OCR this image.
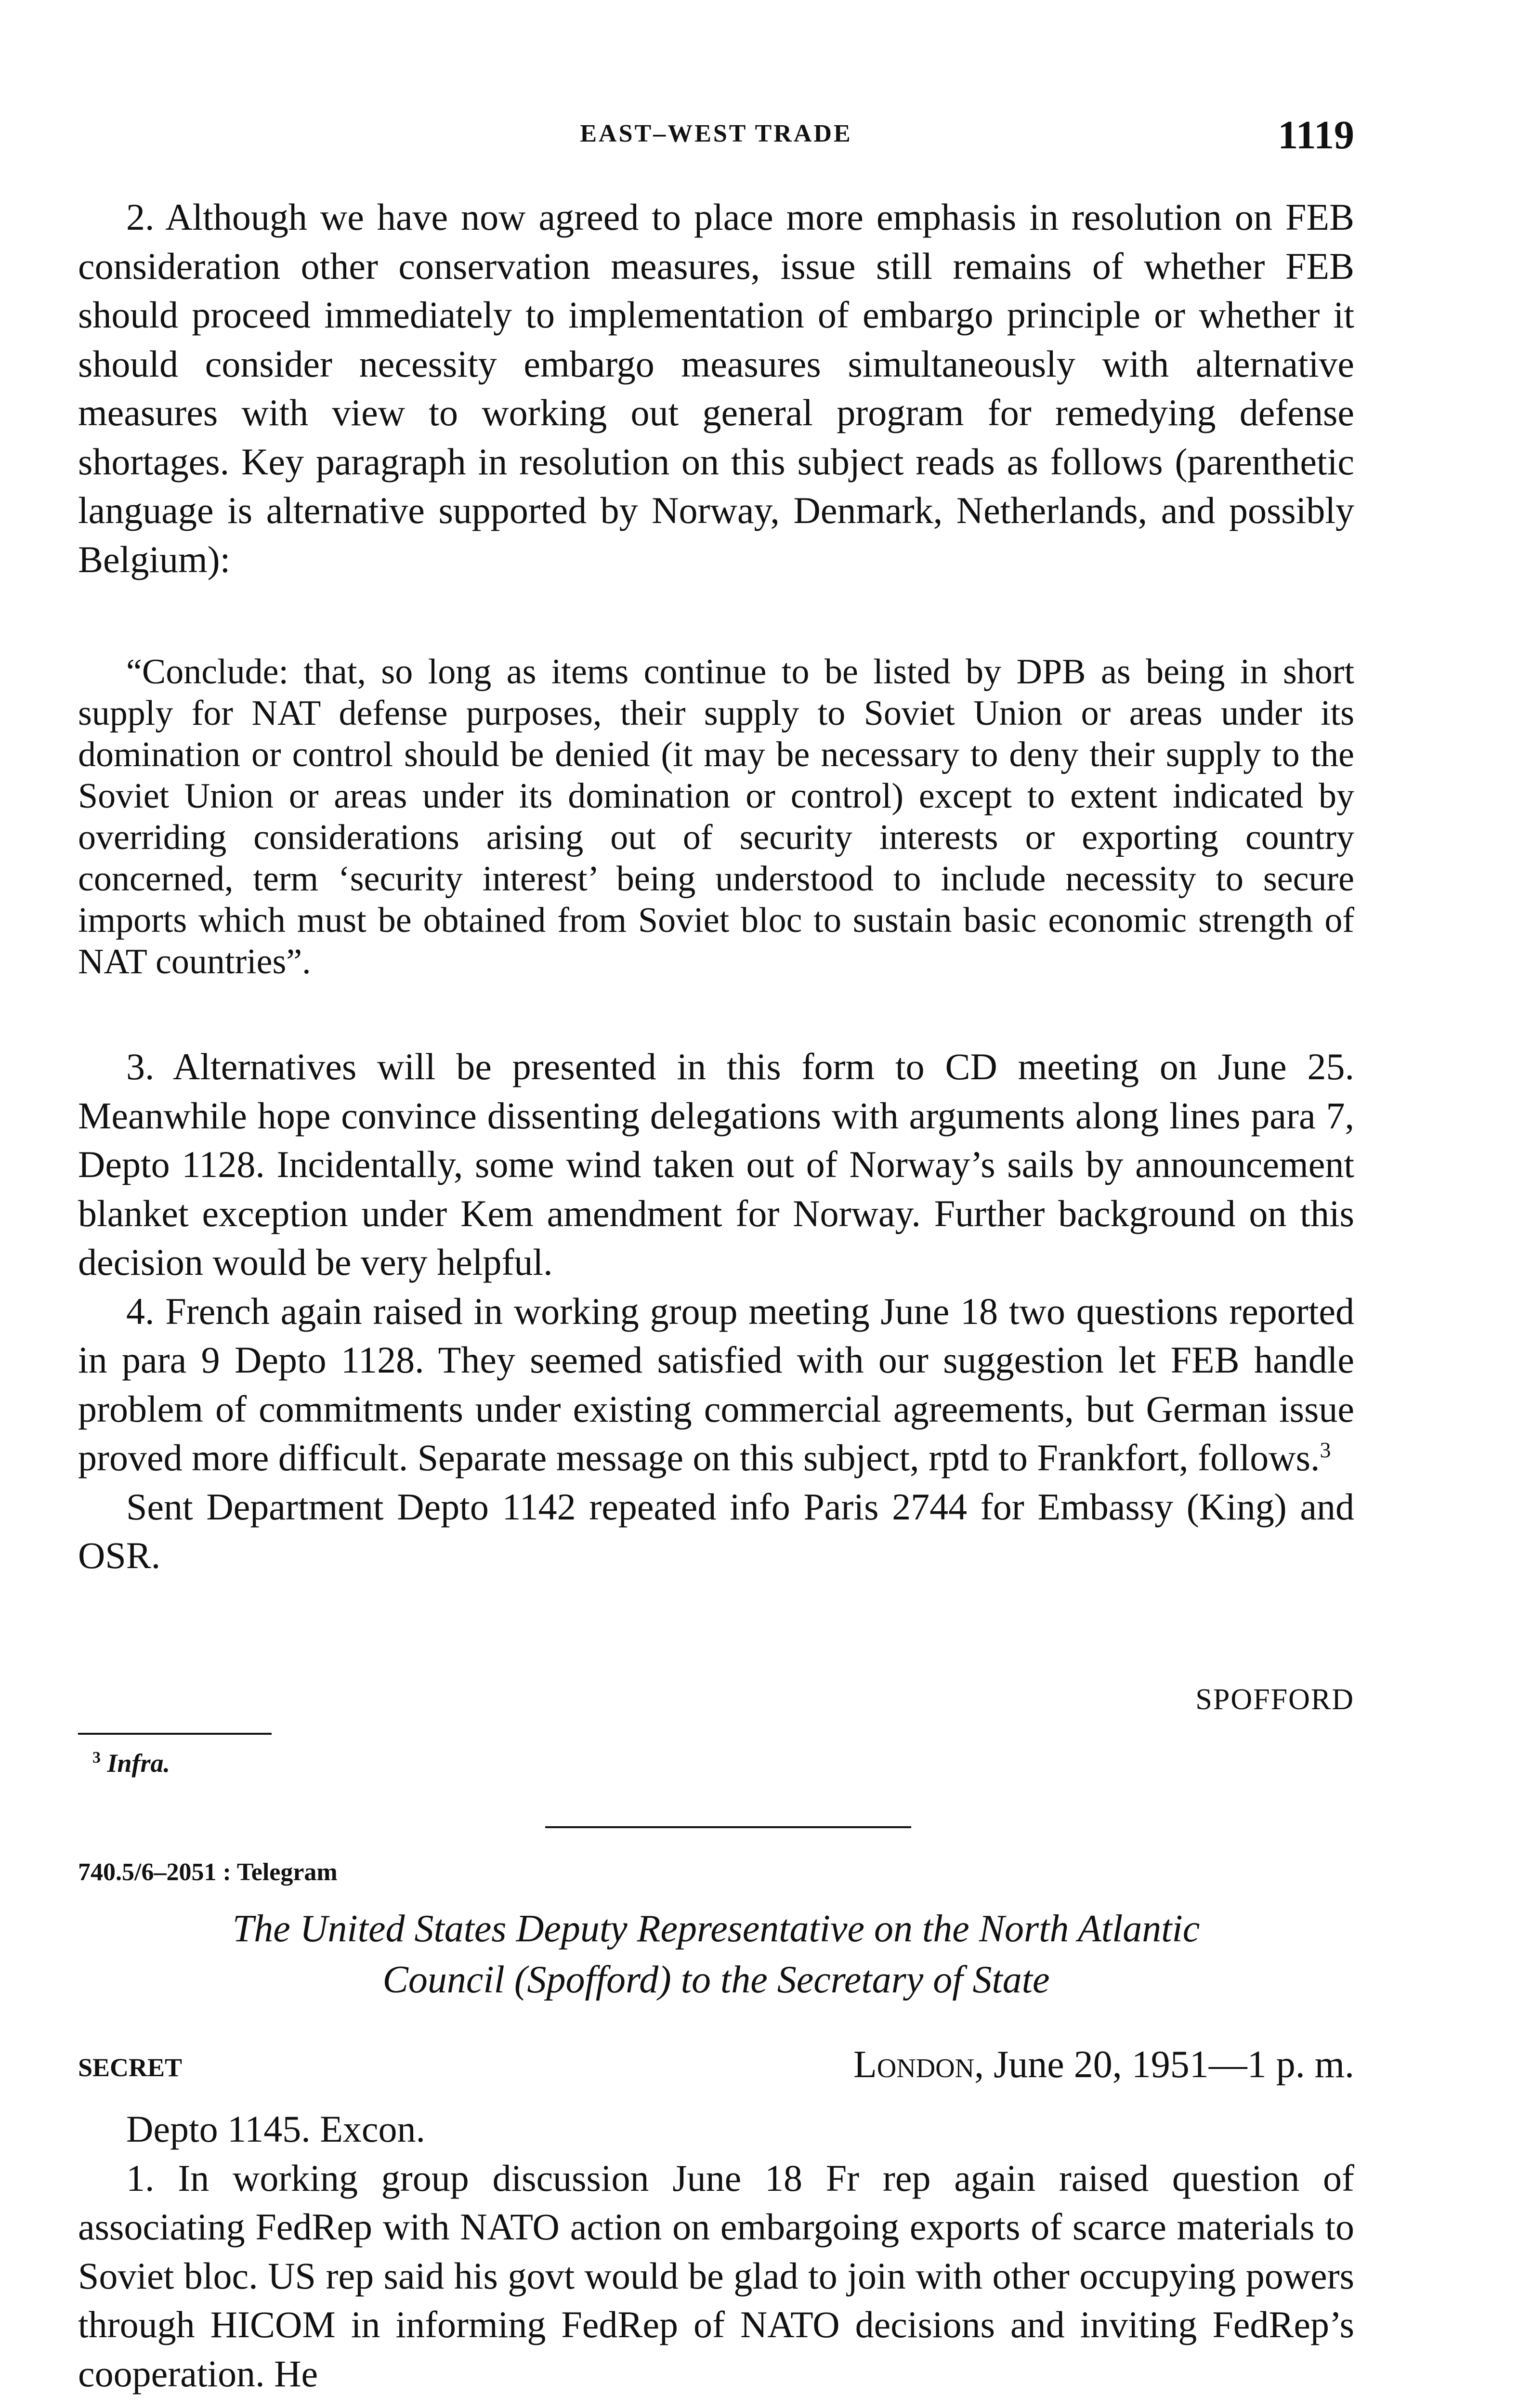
EAST–WEST TRADE	1119

2. Although we have now agreed to place more emphasis in resolution on FEB consideration other conservation measures, issue still remains of whether FEB should proceed immediately to implementation of embargo principle or whether it should consider necessity embargo measures simultaneously with alternative measures with view to working out general program for remedying defense shortages. Key paragraph in resolution on this subject reads as follows (parenthetic language is alternative supported by Norway, Denmark, Netherlands, and possibly Belgium):

“Conclude: that, so long as items continue to be listed by DPB as being in short supply for NAT defense purposes, their supply to Soviet Union or areas under its domination or control should be denied (it may be necessary to deny their supply to the Soviet Union or areas under its domination or control) except to extent indicated by overriding considerations arising out of security interests or exporting country concerned, term ‘security interest’ being understood to include necessity to secure imports which must be obtained from Soviet bloc to sustain basic economic strength of NAT countries”.

3. Alternatives will be presented in this form to CD meeting on June 25. Meanwhile hope convince dissenting delegations with arguments along lines para 7, Depto 1128. Incidentally, some wind taken out of Norway’s sails by announcement blanket exception under Kem amendment for Norway. Further background on this decision would be very helpful.

4. French again raised in working group meeting June 18 two questions reported in para 9 Depto 1128. They seemed satisfied with our suggestion let FEB handle problem of commitments under existing commercial agreements, but German issue proved more difficult. Separate message on this subject, rptd to Frankfort, follows.$^3$

Sent Department Depto 1142 repeated info Paris 2744 for Embassy (King) and OSR.

SPOFFORD
$^3$ Infra.
740.5/6–2051 : Telegram
The United States Deputy Representative on the North Atlantic
Council (Spofford) to the Secretary of State
SECRET	London, June 20, 1951—1 p. m.

Depto 1145. Excon.

1. In working group discussion June 18 Fr rep again raised question of associating FedRep with NATO action on embargoing exports of scarce materials to Soviet bloc. US rep said his govt would be glad to join with other occupying powers through HICOM in informing FedRep of NATO decisions and inviting FedRep’s cooperation. He
